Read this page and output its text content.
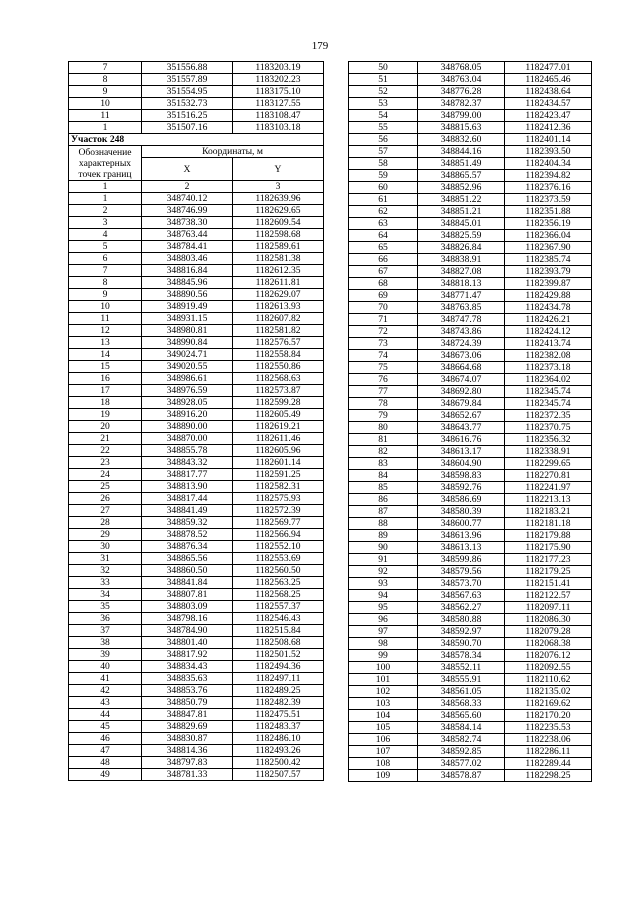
179
7	351556.88	1183203.19
8	351557.89	1183202.23
9	351554.95	1183175.10
10	351532.73	1183127.55
11	351516.25	1183108.47
1	351507.16	1183103.18
Участок 248		
Обозначение характерных точек границ	Координаты, м	
	X	Y
1	2	3
1	348740.12	1182639.96
2	348746.99	1182629.65
3	348738.30	1182609.54
4	348763.44	1182598.68
5	348784.41	1182589.61
6	348803.46	1182581.38
7	348816.84	1182612.35
8	348845.96	1182611.81
9	348890.56	1182629.07
10	348919.49	1182613.93
11	348931.15	1182607.82
12	348980.81	1182581.82
13	348990.84	1182576.57
14	349024.71	1182558.84
15	349020.55	1182550.86
16	348986.61	1182568.63
17	348976.59	1182573.87
18	348928.05	1182599.28
19	348916.20	1182605.49
20	348890.00	1182619.21
21	348870.00	1182611.46
22	348855.78	1182605.96
23	348843.32	1182601.14
24	348817.77	1182591.25
25	348813.90	1182582.31
26	348817.44	1182575.93
27	348841.49	1182572.39
28	348859.32	1182569.77
29	348878.52	1182566.94
30	348876.34	1182552.10
31	348865.56	1182553.69
32	348860.50	1182560.50
33	348841.84	1182563.25
34	348807.81	1182568.25
35	348803.09	1182557.37
36	348798.16	1182546.43
37	348784.90	1182515.84
38	348801.40	1182508.68
39	348817.92	1182501.52
40	348834.43	1182494.36
41	348835.63	1182497.11
42	348853.76	1182489.25
43	348850.79	1182482.39
44	348847.81	1182475.51
45	348829.69	1182483.37
46	348830.87	1182486.10
47	348814.36	1182493.26
48	348797.83	1182500.42
49	348781.33	1182507.57
50	348768.05	1182477.01
51	348763.04	1182465.46
52	348776.28	1182438.64
53	348782.37	1182434.57
54	348799.00	1182423.47
55	348815.63	1182412.36
56	348832.60	1182401.14
57	348844.16	1182393.50
58	348851.49	1182404.34
59	348865.57	1182394.82
60	348852.96	1182376.16
61	348851.22	1182373.59
62	348851.21	1182351.88
63	348845.01	1182356.19
64	348825.59	1182366.04
65	348826.84	1182367.90
66	348838.91	1182385.74
67	348827.08	1182393.79
68	348818.13	1182399.87
69	348771.47	1182429.88
70	348763.85	1182434.78
71	348747.78	1182426.21
72	348743.86	1182424.12
73	348724.39	1182413.74
74	348673.06	1182382.08
75	348664.68	1182373.18
76	348674.07	1182364.02
77	348692.80	1182345.74
78	348679.84	1182345.74
79	348652.67	1182372.35
80	348643.77	1182370.75
81	348616.76	1182356.32
82	348613.17	1182338.91
83	348604.90	1182299.65
84	348598.83	1182270.81
85	348592.76	1182241.97
86	348586.69	1182213.13
87	348580.39	1182183.21
88	348600.77	1182181.18
89	348613.96	1182179.88
90	348613.13	1182175.90
91	348599.86	1182177.23
92	348579.56	1182179.25
93	348573.70	1182151.41
94	348567.63	1182122.57
95	348562.27	1182097.11
96	348580.88	1182086.30
97	348592.97	1182079.28
98	348590.70	1182068.38
99	348578.34	1182076.12
100	348552.11	1182092.55
101	348555.91	1182110.62
102	348561.05	1182135.02
103	348568.33	1182169.62
104	348565.60	1182170.20
105	348584.14	1182235.53
106	348582.74	1182238.06
107	348592.85	1182286.11
108	348577.02	1182289.44
109	348578.87	1182298.25
